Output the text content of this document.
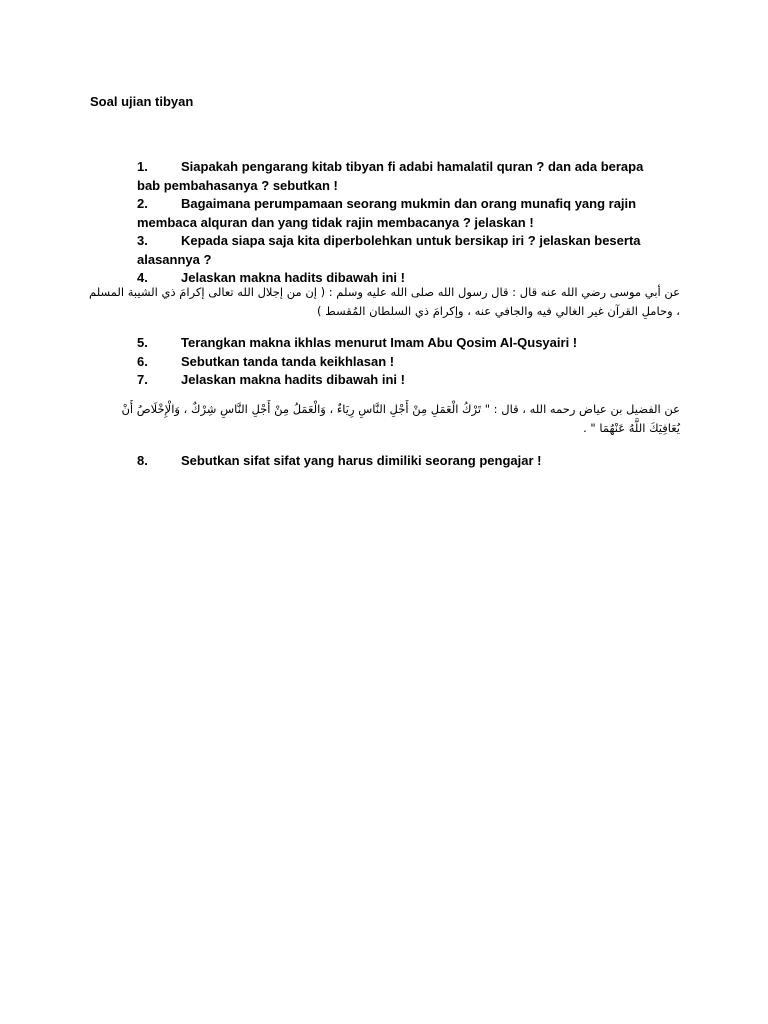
Soal ujian tibyan

1.	Siapakah pengarang kitab tibyan fi adabi hamalatil quran ? dan ada berapa bab pembahasanya ? sebutkan !

2.	Bagaimana perumpamaan seorang mukmin dan orang munafiq yang rajin membaca alquran dan yang tidak rajin membacanya ? jelaskan !

3.	Kepada siapa saja kita diperbolehkan untuk bersikap iri ? jelaskan beserta alasannya ?

4.	Jelaskan makna hadits dibawah ini !

عن أبي موسى رضي الله عنه قال : قال رسول الله صلى الله عليه وسلم : ( إن من إجلال الله تعالى إكرامَ ذي الشيبة المسلم ، وحاملِ القرآن غير الغالي فيه والجافي عنه ، وإكرامَ ذي السلطان المُقسط )

5.	Terangkan makna ikhlas menurut Imam Abu Qosim Al-Qusyairi !

6.	Sebutkan tanda tanda keikhlasan !

7.	Jelaskan makna hadits dibawah ini !

عن الفضيل بن عياض رحمه الله ، قال : " تَرْكُ الْعَمَلِ مِنْ أَجْلِ النَّاسِ رِيَاءٌ ، وَالْعَمَلُ مِنْ أَجْلِ النَّاسِ شِرْكٌ ، وَالْإِخْلَاصُ أَنْ يُعَافِيَكَ اللَّهُ عَنْهُمَا " .

8.	Sebutkan sifat sifat yang harus dimiliki seorang pengajar !
